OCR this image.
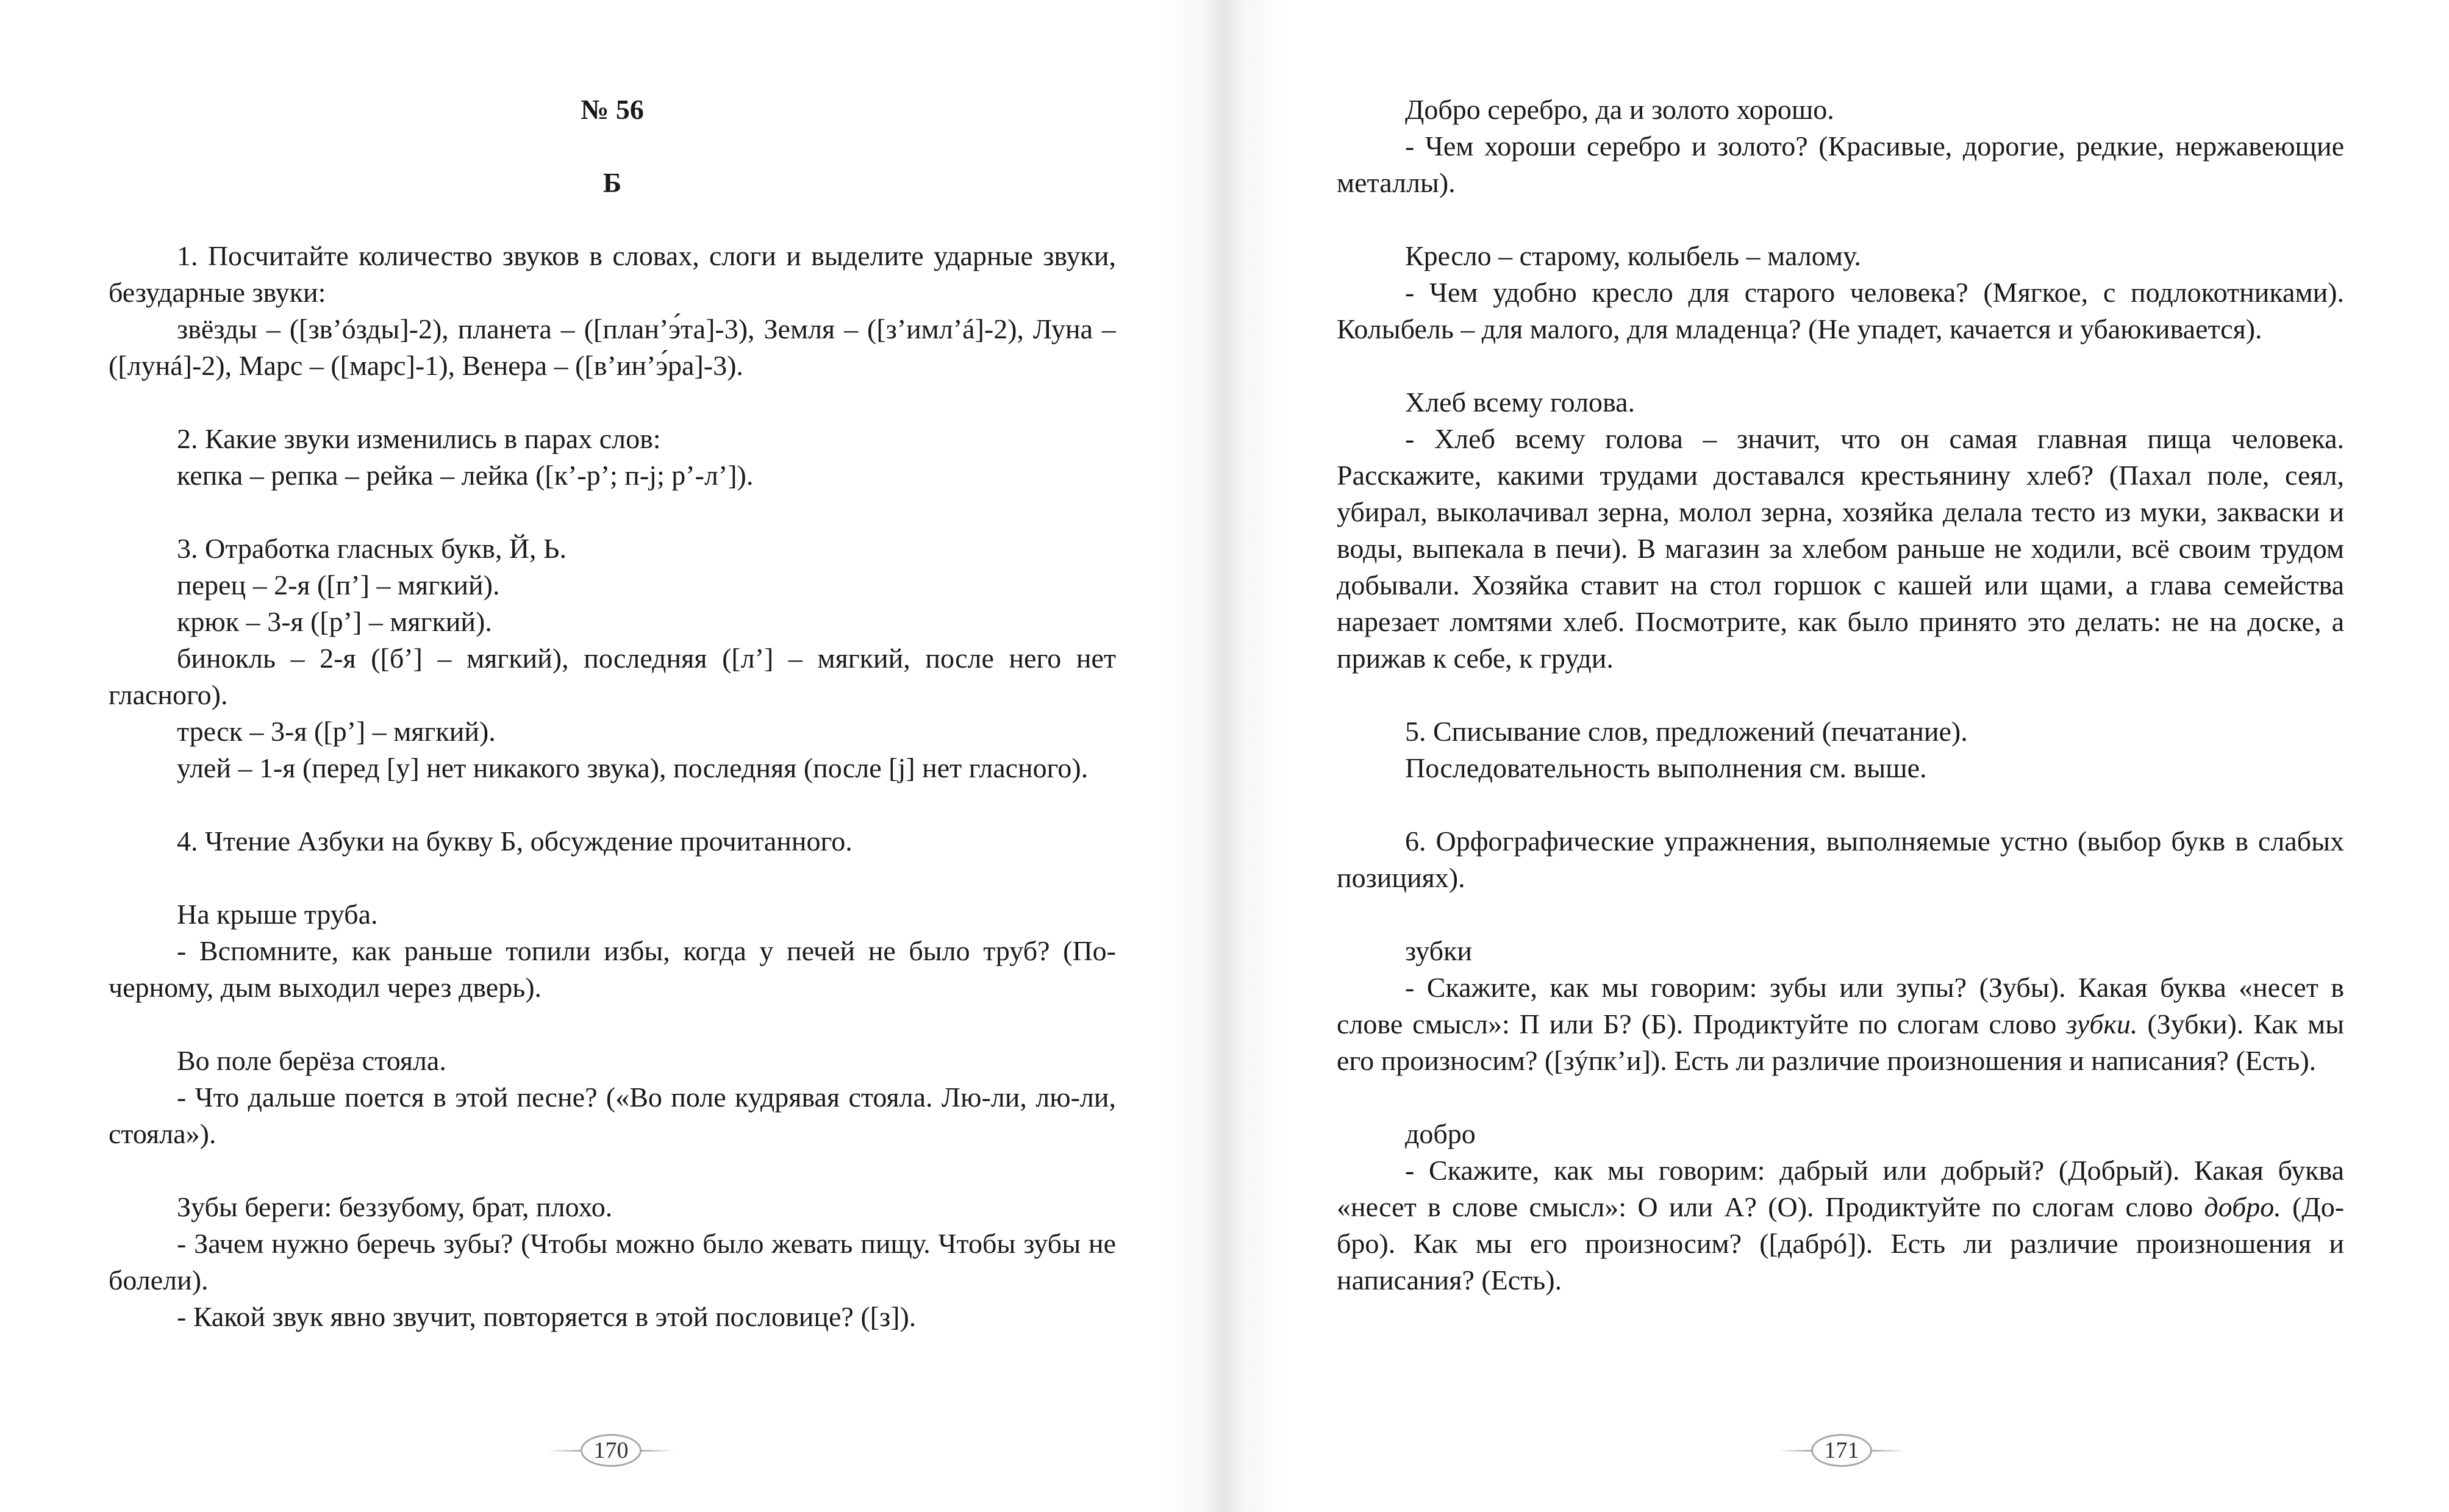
№ 56

Б

1. Посчитайте количество звуков в словах, слоги и выделите ударные звуки, безударные звуки:

звёзды – ([зв’óзды]-2), планета – ([план’э́та]-3), Земля – ([з’имл’á]-2), Луна – ([лунá]-2), Марс – ([марс]-1), Венера – ([в’ин’э́ра]-3).

2. Какие звуки изменились в парах слов:

кепка – репка – рейка – лейка ([к’-р’; п-j; р’-л’]).

3. Отработка гласных букв, Й, Ь.

перец – 2-я ([п’] – мягкий).

крюк – 3-я ([р’] – мягкий).

бинокль – 2-я ([б’] – мягкий), последняя ([л’] – мягкий, после него нет гласного).

треск – 3-я ([р’] – мягкий).

улей – 1-я (перед [у] нет никакого звука), последняя (после [j] нет гласного).

4. Чтение Азбуки на букву Б, обсуждение прочитанного.

На крыше труба.

- Вспомните, как раньше топили избы, когда у печей не было труб? (По-черному, дым выходил через дверь).

Во поле берёза стояла.

- Что дальше поется в этой песне? («Во поле кудрявая стояла. Лю-ли, лю-ли, стояла»).

Зубы береги: беззубому, брат, плохо.

- Зачем нужно беречь зубы? (Чтобы можно было жевать пищу. Чтобы зубы не болели).

- Какой звук явно звучит, повторяется в этой пословице? ([з]).

170

Добро серебро, да и золото хорошо.

- Чем хороши серебро и золото? (Красивые, дорогие, редкие, нержавеющие металлы).

Кресло – старому, колыбель – малому.

- Чем удобно кресло для старого человека? (Мягкое, с подлокотниками). Колыбель – для малого, для младенца? (Не упадет, качается и убаюкивается).

Хлеб всему голова.

- Хлеб всему голова – значит, что он самая главная пища человека. Расскажите, какими трудами доставался крестьянину хлеб? (Пахал поле, сеял, убирал, выколачивал зерна, молол зерна, хозяйка делала тесто из муки, закваски и воды, выпекала в печи). В магазин за хлебом раньше не ходили, всё своим трудом добывали. Хозяйка ставит на стол горшок с кашей или щами, а глава семейства нарезает ломтями хлеб. Посмотрите, как было принято это делать: не на доске, а прижав к себе, к груди.

5. Списывание слов, предложений (печатание).

Последовательность выполнения см. выше.

6. Орфографические упражнения, выполняемые устно (выбор букв в слабых позициях).

зубки

- Скажите, как мы говорим: зубы или зупы? (Зубы). Какая буква «несет в слове смысл»: П или Б? (Б). Продиктуйте по слогам слово зубки. (Зубки). Как мы его произносим? ([зýпк’и]). Есть ли различие произношения и написания? (Есть).

добро

- Скажите, как мы говорим: дабрый или добрый? (Добрый). Какая буква «несет в слове смысл»: О или А? (О). Продиктуйте по слогам слово добро. (До-бро). Как мы его произносим? ([дабрó]). Есть ли различие произношения и написания? (Есть).

171
